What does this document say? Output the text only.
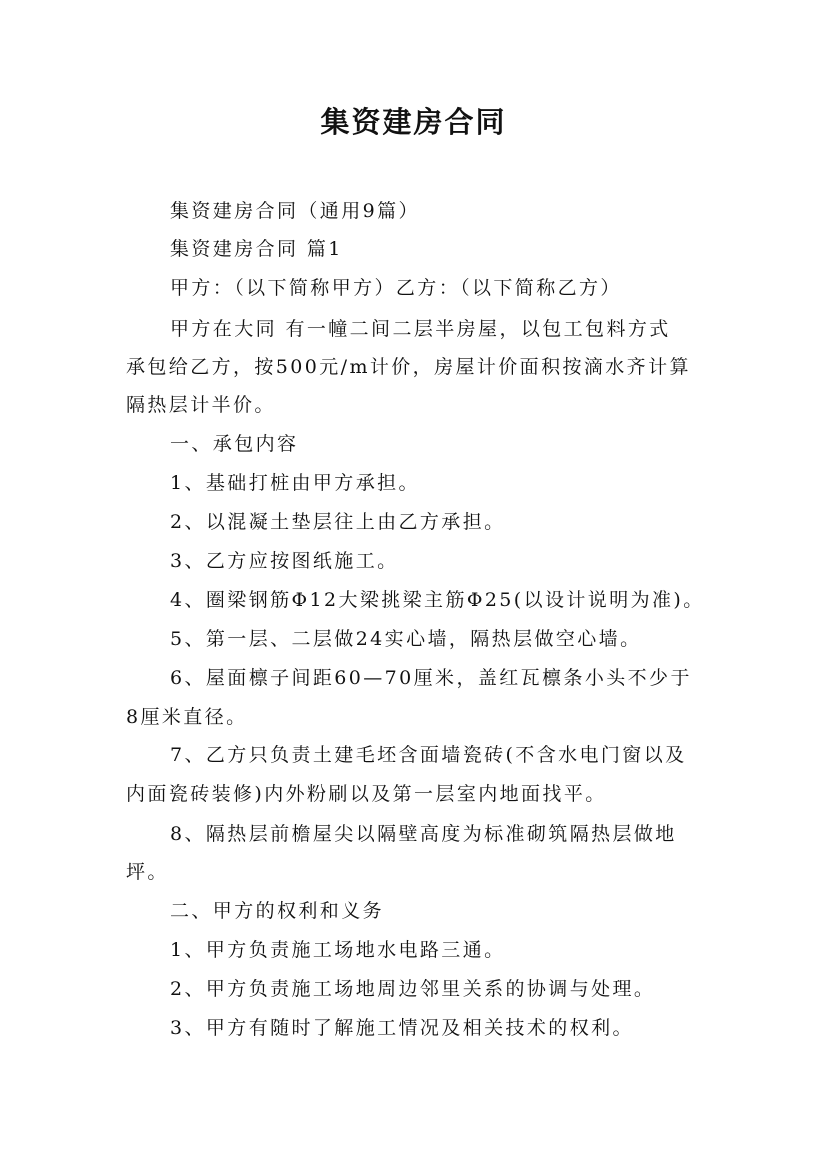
集资建房合同
集资建房合同（通用9篇）
集资建房合同 篇1
甲方：（以下简称甲方）乙方：（以下简称乙方）
甲方在大同 有一幢二间二层半房屋，以包工包料方式
承包给乙方，按500元/m计价，房屋计价面积按滴水齐计算
隔热层计半价。
一、承包内容
1、基础打桩由甲方承担。
2、以混凝土垫层往上由乙方承担。
3、乙方应按图纸施工。
4、圈梁钢筋Φ12大梁挑梁主筋Φ25(以设计说明为准)。
5、第一层、二层做24实心墙，隔热层做空心墙。
6、屋面檩子间距60—70厘米，盖红瓦檩条小头不少于
8厘米直径。
7、乙方只负责土建毛坯含面墙瓷砖(不含水电门窗以及
内面瓷砖装修)内外粉刷以及第一层室内地面找平。
8、隔热层前檐屋尖以隔壁高度为标准砌筑隔热层做地
坪。
二、甲方的权利和义务
1、甲方负责施工场地水电路三通。
2、甲方负责施工场地周边邻里关系的协调与处理。
3、甲方有随时了解施工情况及相关技术的权利。
